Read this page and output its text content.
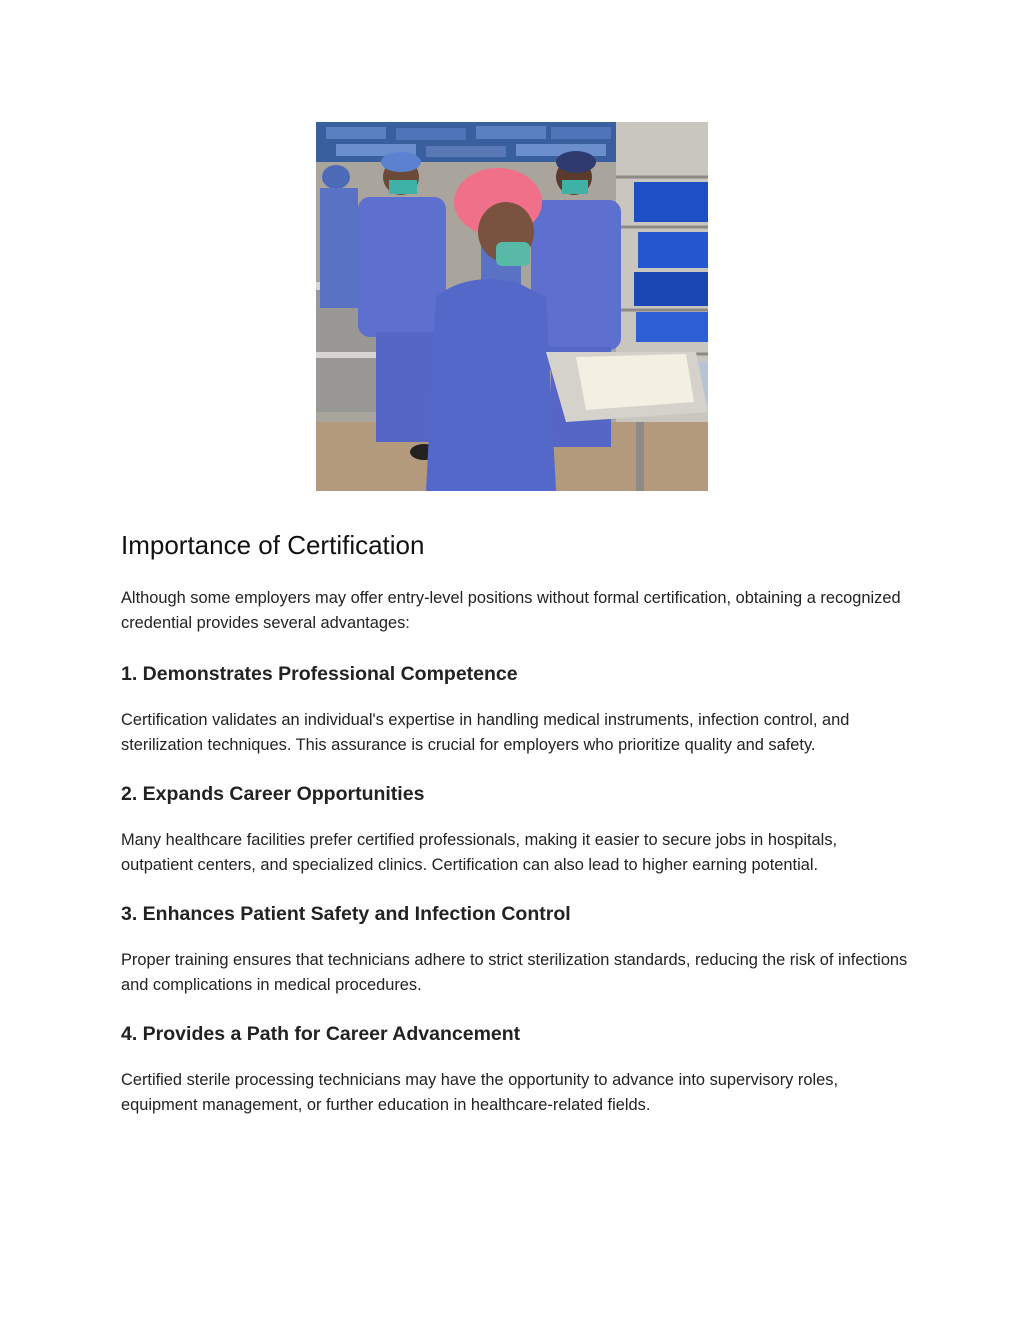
Importance of Certification

Although some employers may offer entry-level positions without formal certification, obtaining a recognized credential provides several advantages:

1. Demonstrates Professional Competence

Certification validates an individual's expertise in handling medical instruments, infection control, and sterilization techniques. This assurance is crucial for employers who prioritize quality and safety.

2. Expands Career Opportunities

Many healthcare facilities prefer certified professionals, making it easier to secure jobs in hospitals, outpatient centers, and specialized clinics. Certification can also lead to higher earning potential.

3. Enhances Patient Safety and Infection Control

Proper training ensures that technicians adhere to strict sterilization standards, reducing the risk of infections and complications in medical procedures.

4. Provides a Path for Career Advancement

Certified sterile processing technicians may have the opportunity to advance into supervisory roles, equipment management, or further education in healthcare-related fields.
